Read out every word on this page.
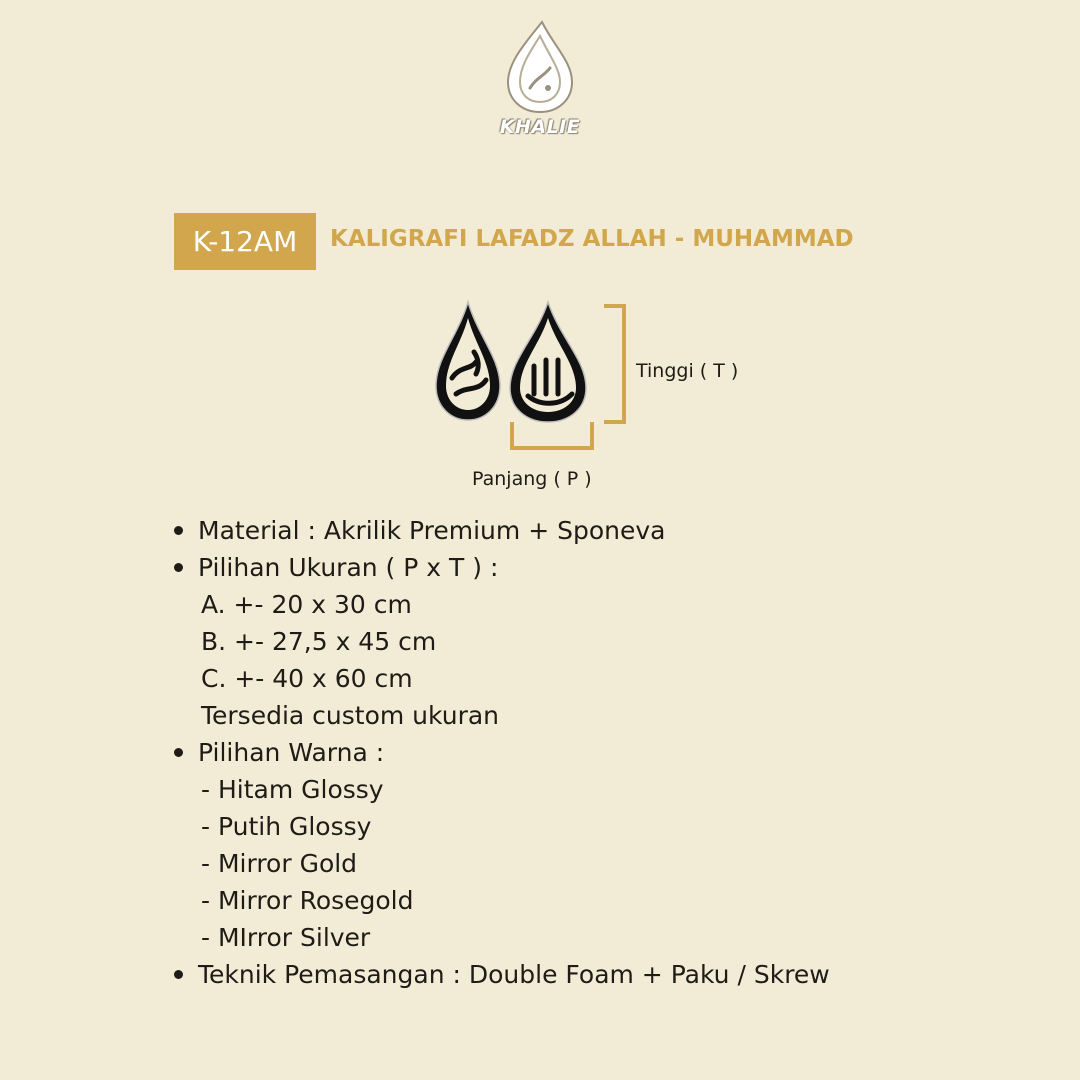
KHALIE
K-12AM	KALIGRAFI LAFADZ ALLAH - MUHAMMAD
Tinggi ( T )
Panjang ( P )
Material : Akrilik Premium + Sponeva
Pilihan Ukuran ( P x T ) :
A. +- 20 x 30 cm
B. +- 27,5 x 45 cm
C. +- 40 x 60 cm
Tersedia custom ukuran
Pilihan Warna :
- Hitam Glossy
- Putih Glossy
- Mirror Gold
- Mirror Rosegold
- MIrror Silver
Teknik Pemasangan : Double Foam + Paku / Skrew
